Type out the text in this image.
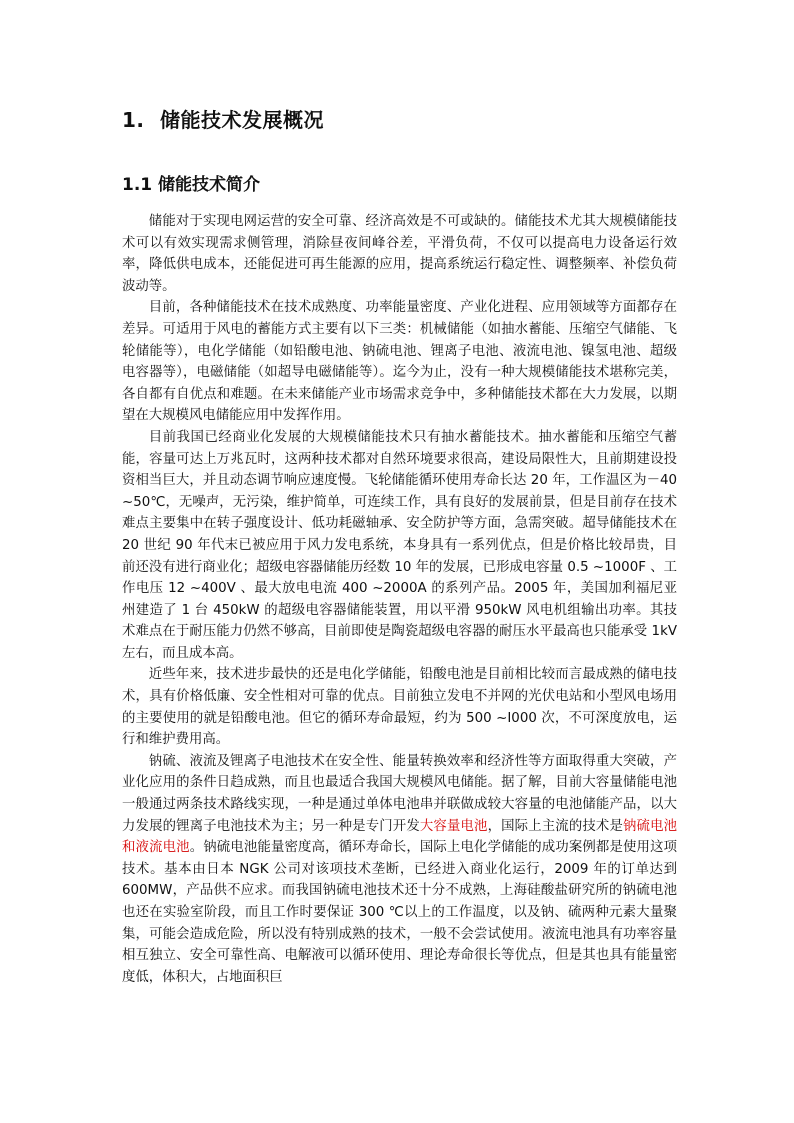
1. 储能技术发展概况
1.1 储能技术简介

储能对于实现电网运营的安全可靠、经济高效是不可或缺的。储能技术尤其大规模储能技术可以有效实现需求侧管理，消除昼夜间峰谷差，平滑负荷，不仅可以提高电力设备运行效率，降低供电成本，还能促进可再生能源的应用，提高系统运行稳定性、调整频率、补偿负荷波动等。

目前，各种储能技术在技术成熟度、功率能量密度、产业化进程、应用领域等方面都存在差异。可适用于风电的蓄能方式主要有以下三类：机械储能（如抽水蓄能、压缩空气储能、飞轮储能等），电化学储能（如铅酸电池、钠硫电池、锂离子电池、液流电池、镍氢电池、超级电容器等），电磁储能（如超导电磁储能等）。迄今为止，没有一种大规模储能技术堪称完美，各自都有自优点和难题。在未来储能产业市场需求竞争中，多种储能技术都在大力发展，以期望在大规模风电储能应用中发挥作用。

目前我国已经商业化发展的大规模储能技术只有抽水蓄能技术。抽水蓄能和压缩空气蓄能，容量可达上万兆瓦时，这两种技术都对自然环境要求很高，建设局限性大，且前期建设投资相当巨大，并且动态调节响应速度慢。飞轮储能循环使用寿命长达 20 年，工作温区为－40 ~50℃，无噪声，无污染，维护简单，可连续工作，具有良好的发展前景，但是目前存在技术难点主要集中在转子强度设计、低功耗磁轴承、安全防护等方面，急需突破。超导储能技术在 20 世纪 90 年代末已被应用于风力发电系统，本身具有一系列优点，但是价格比较昂贵，目前还没有进行商业化；超级电容器储能历经数 10 年的发展，已形成电容量 0.5 ~1000F 、工作电压 12 ~400V 、最大放电电流 400 ~2000A 的系列产品。2005 年，美国加利福尼亚州建造了 1 台 450kW 的超级电容器储能装置，用以平滑 950kW 风电机组输出功率。其技术难点在于耐压能力仍然不够高，目前即使是陶瓷超级电容器的耐压水平最高也只能承受 1kV 左右，而且成本高。

近些年来，技术进步最快的还是电化学储能，铅酸电池是目前相比较而言最成熟的储电技术，具有价格低廉、安全性相对可靠的优点。目前独立发电不并网的光伏电站和小型风电场用的主要使用的就是铅酸电池。但它的循环寿命最短，约为 500 ~I000 次，不可深度放电，运行和维护费用高。

钠硫、液流及锂离子电池技术在安全性、能量转换效率和经济性等方面取得重大突破，产业化应用的条件日趋成熟，而且也最适合我国大规模风电储能。据了解，目前大容量储能电池一般通过两条技术路线实现，一种是通过单体电池串并联做成较大容量的电池储能产品，以大力发展的锂离子电池技术为主；另一种是专门开发大容量电池，国际上主流的技术是钠硫电池和液流电池。钠硫电池能量密度高，循环寿命长，国际上电化学储能的成功案例都是使用这项技术。基本由日本 NGK 公司对该项技术垄断，已经进入商业化运行，2009 年的订单达到 600MW，产品供不应求。而我国钠硫电池技术还十分不成熟，上海硅酸盐研究所的钠硫电池也还在实验室阶段，而且工作时要保证 300 ℃以上的工作温度，以及钠、硫两种元素大量聚集，可能会造成危险，所以没有特别成熟的技术，一般不会尝试使用。液流电池具有功率容量相互独立、安全可靠性高、电解液可以循环使用、理论寿命很长等优点，但是其也具有能量密度低，体积大，占地面积巨
